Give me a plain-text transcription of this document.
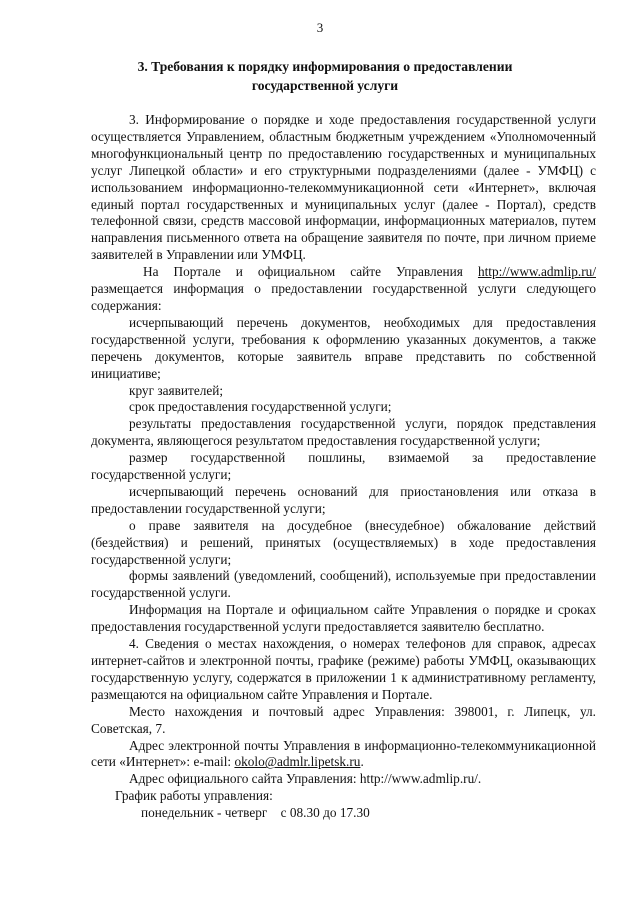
3
3. Требования к порядку информирования о предоставлении
государственной услуги

3. Информирование о порядке и ходе предоставления государственной услуги осуществляется Управлением, областным бюджетным учреждением «Уполномоченный многофункциональный центр по предоставлению государственных и муниципальных услуг Липецкой области» и его структурными подразделениями (далее - УМФЦ) с использованием информационно-телекоммуникационной сети «Интернет», включая единый портал государственных и муниципальных услуг (далее - Портал), средств телефонной связи, средств массовой информации, информационных материалов, путем направления письменного ответа на обращение заявителя по почте, при личном приеме заявителей в Управлении или УМФЦ.

На Портале и официальном сайте Управления http://www.admlip.ru/ размещается информация о предоставлении государственной услуги следующего содержания:

исчерпывающий перечень документов, необходимых для предоставления государственной услуги, требования к оформлению указанных документов, а также перечень документов, которые заявитель вправе представить по собственной инициативе;

круг заявителей;

срок предоставления государственной услуги;

результаты предоставления государственной услуги, порядок представления документа, являющегося результатом предоставления государственной услуги;

размер государственной пошлины, взимаемой за предоставление государственной услуги;

исчерпывающий перечень оснований для приостановления или отказа в предоставлении государственной услуги;

о праве заявителя на досудебное (внесудебное) обжалование действий (бездействия) и решений, принятых (осуществляемых) в ходе предоставления государственной услуги;

формы заявлений (уведомлений, сообщений), используемые при предоставлении государственной услуги.

Информация на Портале и официальном сайте Управления о порядке и сроках предоставления государственной услуги предоставляется заявителю бесплатно.

4. Сведения о местах нахождения, о номерах телефонов для справок, адресах интернет-сайтов и электронной почты, графике (режиме) работы УМФЦ, оказывающих государственную услугу, содержатся в приложении 1 к административному регламенту, размещаются на официальном сайте Управления и Портале.

Место нахождения и почтовый адрес Управления: 398001, г. Липецк, ул. Советская, 7.

Адрес электронной почты Управления в информационно-телекоммуникационной сети «Интернет»: e-mail: okolo@admlr.lipetsk.ru.

Адрес официального сайта Управления: http://www.admlip.ru/.

График работы управления:

понедельник - четверг    с 08.30 до 17.30
